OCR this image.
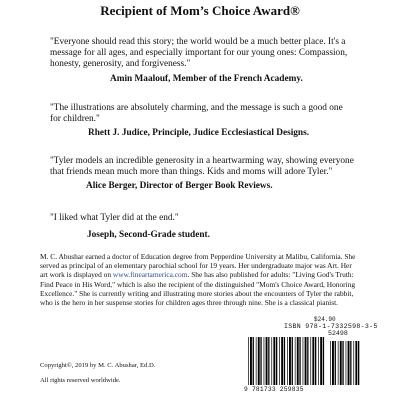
Recipient of Mom’s Choice Award®
"Everyone should read this story; the world would be a much better place. It's a message for all ages, and especially important for our young ones: Compassion, honesty, generosity, and forgiveness."
Amin Maalouf, Member of the French Academy.
"The illustrations are absolutely charming, and the message is such a good one for children."
Rhett J. Judice, Principle, Judice Ecclesiastical Designs.
"Tyler models an incredible generosity in a heartwarming way, showing everyone that friends mean much more than things. Kids and moms will adore Tyler."
Alice Berger, Director of Berger Book Reviews.
"I liked what Tyler did at the end."
Joseph, Second-Grade student.
M. C. Abushar earned a doctor of Education degree from Pepperdine University at Malibu, California. She served as principal of an elementary parochial school for 19 years. Her undergraduate major was Art. Her art work is displayed on www.fineartamerica.com. She has also published for adults: "Living God's Truth: Find Peace in His Word," which is also the recipient of the distinguished "Mom's Choice Award, Honoring Excellence." She is currently writing and illustrating more stories about the encounters of Tyler the rabbit, who is the hero in her suspense stories for children ages three through nine. She is a classical pianist.
Copyright©, 2019 by M. C. Abushar, Ed.D.
All rights reserved worldwide.
$24.90
ISBN 978-1-7332598-3-5
52498
9 781733 259835
